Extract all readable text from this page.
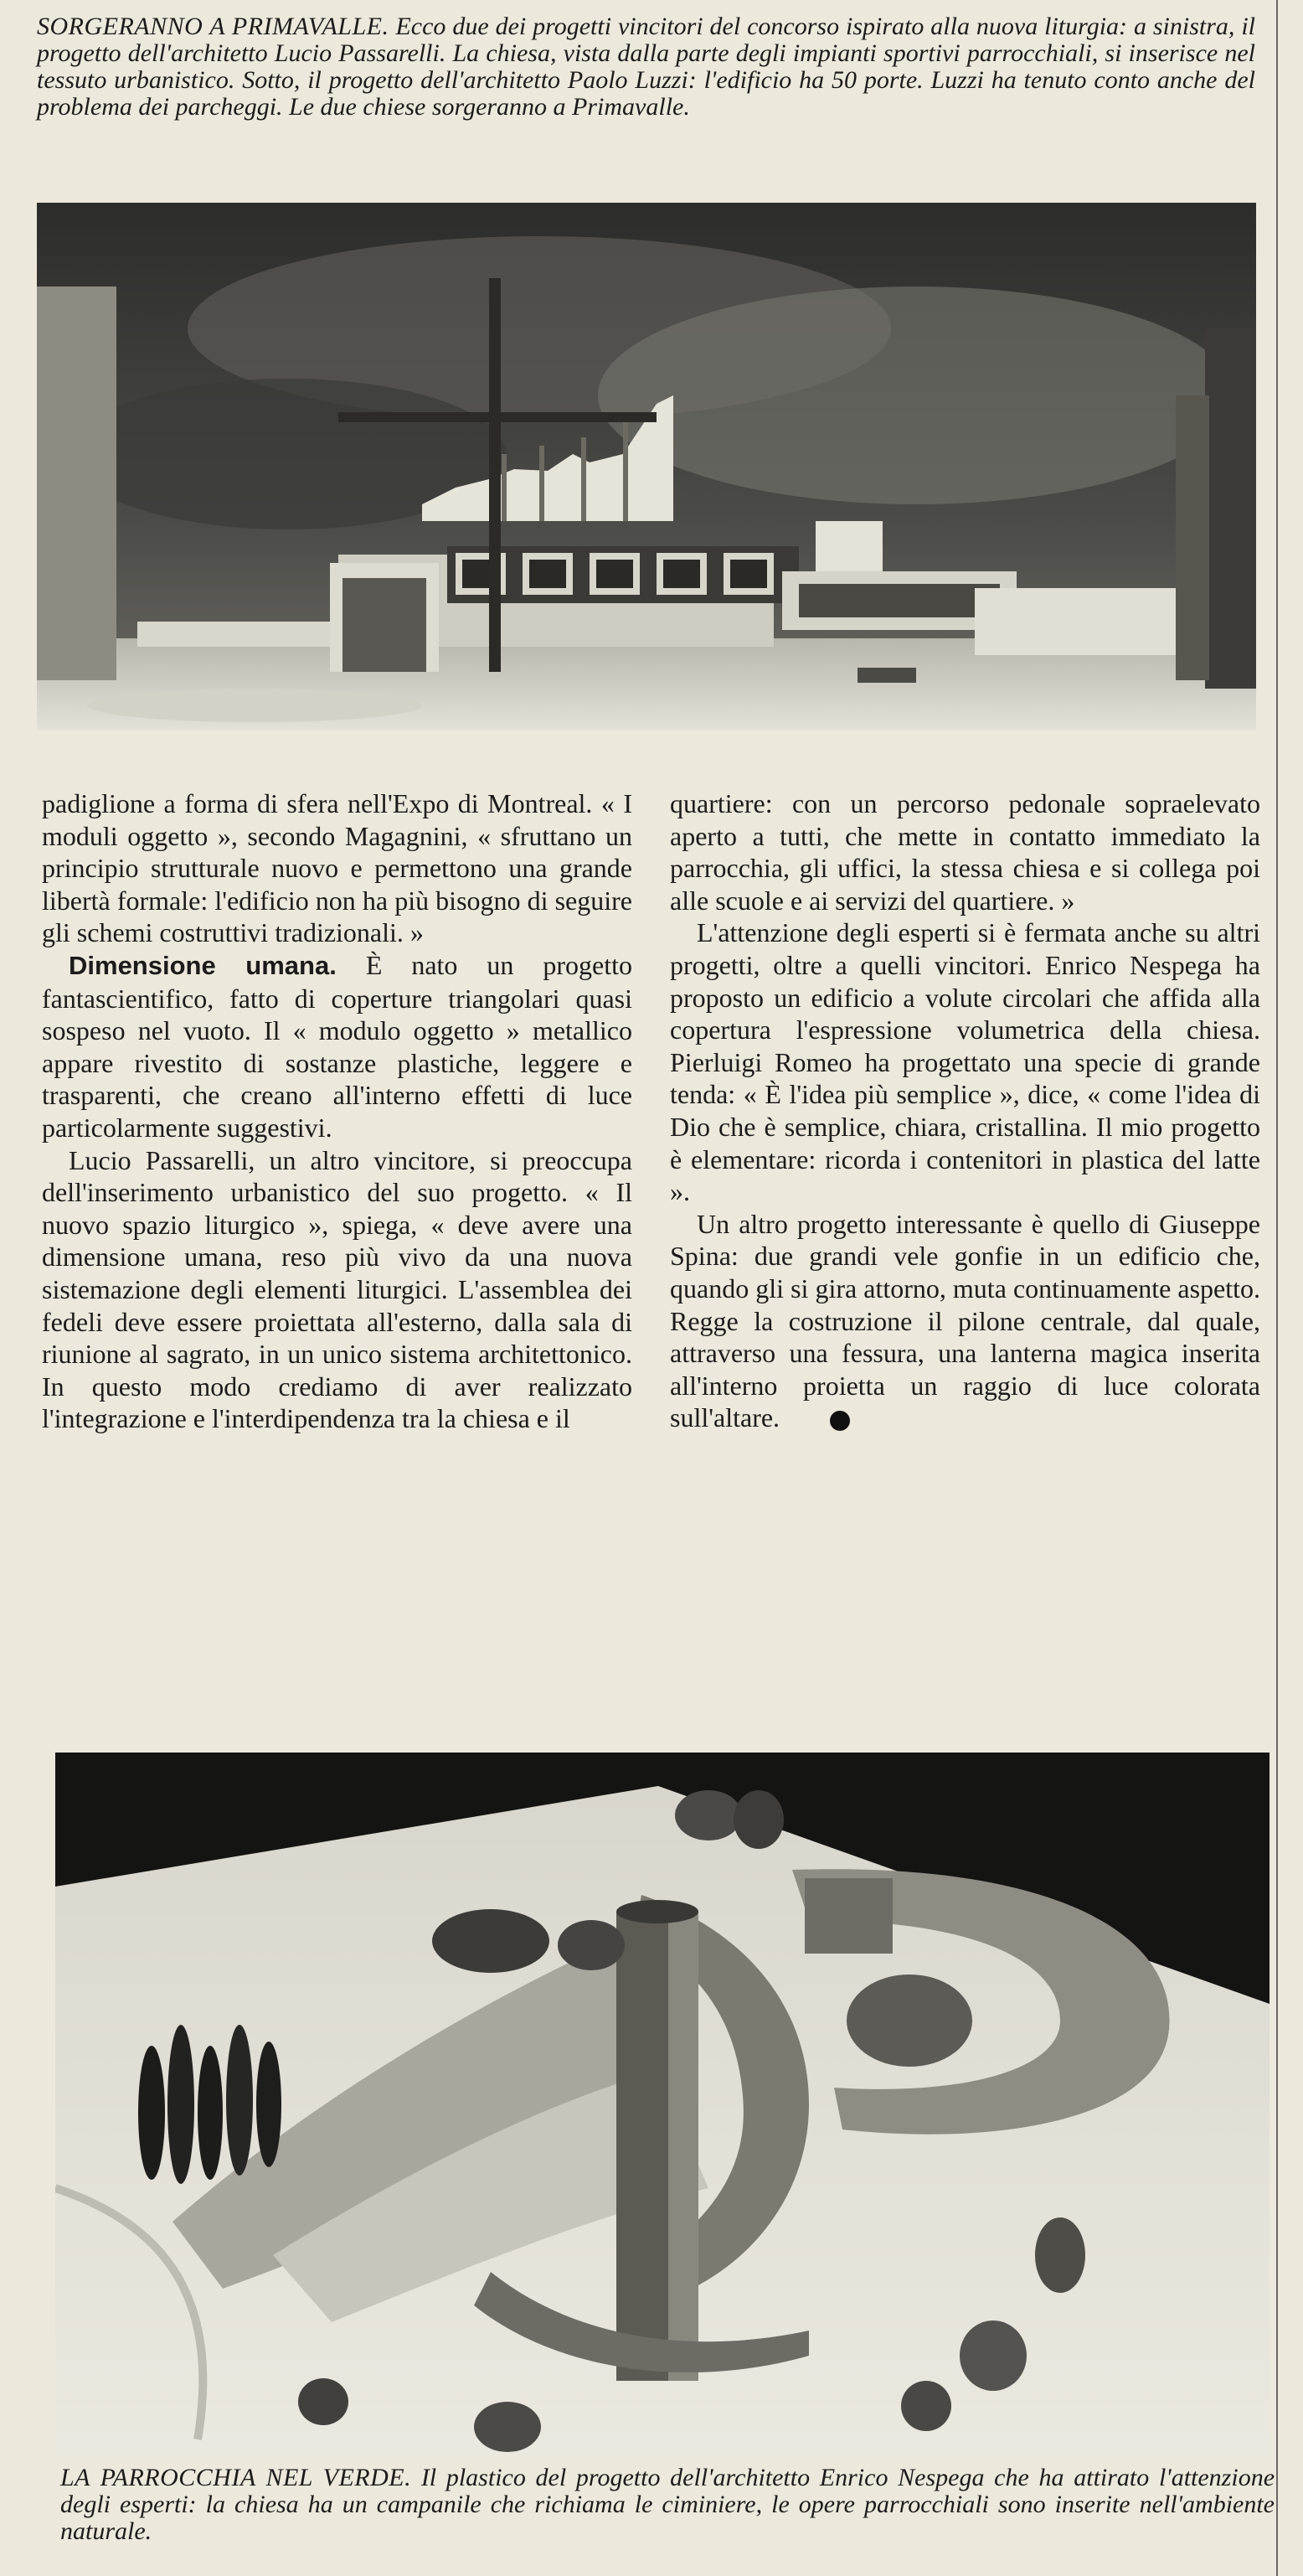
SORGERANNO A PRIMAVALLE. Ecco due dei progetti vincitori del concorso ispirato alla nuova liturgia: a sinistra, il progetto dell'architetto Lucio Passarelli. La chiesa, vista dalla parte degli impianti sportivi parrocchiali, si inserisce nel tessuto urbanistico. Sotto, il progetto dell'architetto Paolo Luzzi: l'edificio ha 50 porte. Luzzi ha tenuto conto anche del problema dei parcheggi. Le due chiese sorgeranno a Primavalle.

padiglione a forma di sfera nell'Expo di Montreal. « I moduli oggetto », secondo Magagnini, « sfruttano un principio strutturale nuovo e permettono una grande libertà formale: l'edificio non ha più bisogno di seguire gli schemi costruttivi tradizionali. »

Dimensione umana. È nato un progetto fantascientifico, fatto di coperture triangolari quasi sospeso nel vuoto. Il « modulo oggetto » metallico appare rivestito di sostanze plastiche, leggere e trasparenti, che creano all'interno effetti di luce particolarmente suggestivi.

Lucio Passarelli, un altro vincitore, si preoccupa dell'inserimento urbanistico del suo progetto. « Il nuovo spazio liturgico », spiega, « deve avere una dimensione umana, reso più vivo da una nuova sistemazione degli elementi liturgici. L'assemblea dei fedeli deve essere proiettata all'esterno, dalla sala di riunione al sagrato, in un unico sistema architettonico. In questo modo crediamo di aver realizzato l'integrazione e l'interdipendenza tra la chiesa e il

quartiere: con un percorso pedonale sopraelevato aperto a tutti, che mette in contatto immediato la parrocchia, gli uffici, la stessa chiesa e si collega poi alle scuole e ai servizi del quartiere. »

L'attenzione degli esperti si è fermata anche su altri progetti, oltre a quelli vincitori. Enrico Nespega ha proposto un edificio a volute circolari che affida alla copertura l'espressione volumetrica della chiesa. Pierluigi Romeo ha progettato una specie di grande tenda: « È l'idea più semplice », dice, « come l'idea di Dio che è semplice, chiara, cristallina. Il mio progetto è elementare: ricorda i contenitori in plastica del latte ».

Un altro progetto interessante è quello di Giuseppe Spina: due grandi vele gonfie in un edificio che, quando gli si gira attorno, muta continuamente aspetto. Regge la costruzione il pilone centrale, dal quale, attraverso una fessura, una lanterna magica inserita all'interno proietta un raggio di luce colorata sull'altare.

LA PARROCCHIA NEL VERDE. Il plastico del progetto dell'architetto Enrico Nespega che ha attirato l'attenzione degli esperti: la chiesa ha un campanile che richiama le ciminiere, le opere parrocchiali sono inserite nell'ambiente naturale.
